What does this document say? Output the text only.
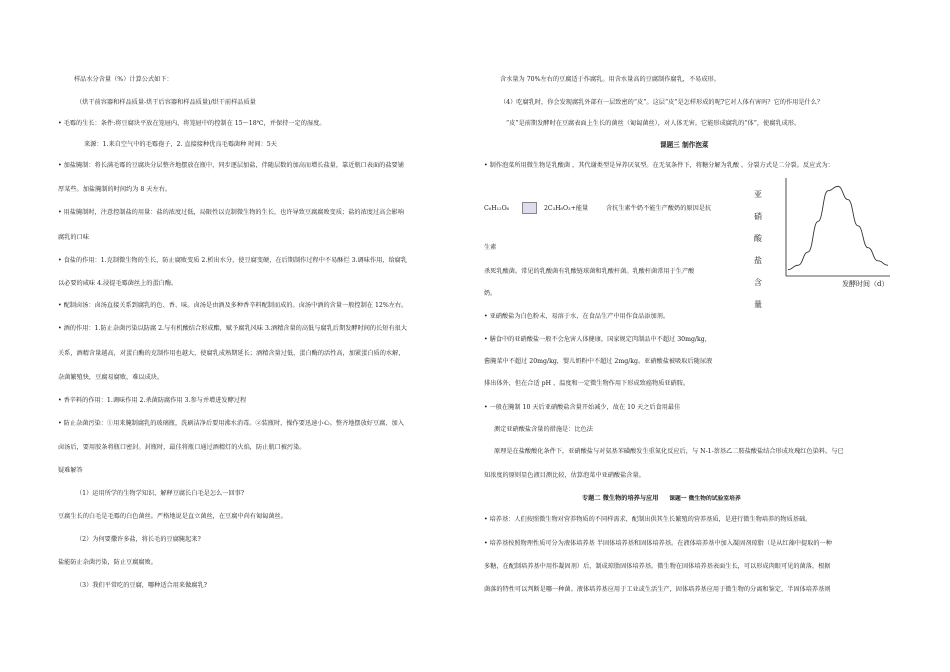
样品水分含量（%）计算公式如下：
（烘干前容器和样品质量-烘干后容器和样品质量)/烘干前样品质量
• 毛霉的生长：条件:将豆腐块平放在笼屉内，将笼屉中的控制在 15～18℃，并保持一定的湿度。
来源：1.来自空气中的毛霉孢子，2. 直接接种优良毛霉菌种 时间：5天
• 加盐腌制：将长满毛霉的豆腐块分层整齐地摆放在瓶中，同步逐层加盐，伴随层数的加高而增长盐量，靠近瓶口表面的盐要铺
厚某些。加盐腌制的时间约为 8 天左右。
• 用盐腌制时，注意控制盐的用量：盐的浓度过低，局限性以克制微生物的生长，也许导致豆腐腐败变质；盐的浓度过高会影响
腐乳的口味
• 食盐的作用：1.克制微生物的生长，防止腐败变质 2.析出水分，使豆腐变硬，在后期制作过程中不易酥烂 3.调味作用，给腐乳
以必要的咸味 4.浸提毛霉菌丝上的蛋白酶。
• 配制卤汤：卤汤直接关系到腐乳的色、香、味。卤汤是由酒及多种香辛料配制而成的。卤汤中酒的含量一般控制在 12%左右。
• 酒的作用：1.防止杂菌污染以防腐 2.与有机酸结合形成酯，赋予腐乳风味 3.酒精含量的高低与腐乳后期发酵时间的长短有很大
关系，酒精含量越高，对蛋白酶的克制作用也越大，使腐乳成熟期延长；酒精含量过低，蛋白酶的活性高，加紧蛋白质的水解，
杂菌繁殖快，豆腐易腐败，难以成块。
• 香辛料的作用：1.调味作用 2.杀菌防腐作用 3.参与并增进发酵过程
• 防止杂菌污染：①用来腌制腐乳的玻璃瓶，洗刷洁净后要用沸水消毒。②装瓶时，操作要迅速小心。整齐地摆放好豆腐、加入
卤汤后，要用胶条将瓶口密封。封瓶时，最佳将瓶口通过酒精灯的火焰，防止瓶口被污染。
疑难解答
（1）运用所学的生物学知识，解释豆腐长白毛是怎么一回事?
豆腐生长的白毛是毛霉的白色菌丝。严格地说是直立菌丝，在豆腐中尚有匍匐菌丝。
（2）为何要撒许多盐，将长毛的豆腐腌起来?
盐能防止杂菌污染，防止豆腐腐败。
（3）我们平常吃的豆腐，哪种适合用来做腐乳?
含水量为 70%左右的豆腐适于作腐乳。用含水量高的豆腐制作腐乳，不易成形。
（4）吃腐乳时，你会发现腐乳外部有一层致密的“皮”。这层“皮”是怎样形成的呢?它对人体有害吗？它的作用是什么？
“皮”是前期发酵时在豆腐表面上生长的菌丝（匍匐菌丝），对人体无害。它能形成腐乳的“体”，使腐乳成形。
课题三 制作泡菜
• 制作泡菜所用微生物是乳酸菌 ，其代谢类型是异养厌氧型。在无氧条件下，将糖分解为乳酸 。分裂方式是二分裂。反应式为：
C₆H₁₂O₆	2C₃H₆O₃+能量	含抗生素牛奶不能生产酸奶的原因是抗
生素
杀死乳酸菌。常见的乳酸菌有乳酸链球菌和乳酸杆菌。乳酸杆菌常用于生产酸
奶。
• 亚硝酸盐为白色粉末，易溶于水，在食品生产中用作食品添加剂。
• 膳食中的亚硝酸盐一般不会危害人体健康，国家规定肉制品中不超过 30mg/kg，
酱腌菜中不超过 20mg/kg，婴儿奶粉中不超过 2mg/kg。亚硝酸盐被吸取后随尿液
排出体外，但在合适 pH 、温度和一定微生物作用下形成致癌物质亚硝胺。
• 一般在腌制 10 天后亚硝酸盐含量开始减少，故在 10 天之后食用最佳
测定亚硝酸盐含量的措施是：比色法
原理是在盐酸酸化条件下，亚硝酸盐与对氨基苯磺酸发生重氮化反应后，与 N-1-萘基乙二胺盐酸盐结合形成玫瑰红色染料。与已
知浓度的原则显色液目测比较，估算泡菜中亚硝酸盐含量。
专题二 微生物的培养与应用 课题一 微生物的试验室培养
• 培养基：人们按照微生物对营养物质的不同样需求，配制出供其生长繁殖的营养基质，是进行微生物培养的物质基础。
• 培养基按照物理性质可分为液体培养基 半固体培养基和固体培养基。在液体培养基中加入凝固剂琼脂（是从红藻中提取的一种
多糖，在配制培养基中用作凝固剂）后，制成琼脂固体培养基。微生物在固体培养基表面生长，可以形成肉眼可见的菌落。根据
菌落的特性可以判断是哪一种菌。液体培养基应用于工业或生活生产，固体培养基应用于微生物的分离和鉴定，半固体培养基则
亚
硝
酸
盐
含
量
发酵时间（d）
